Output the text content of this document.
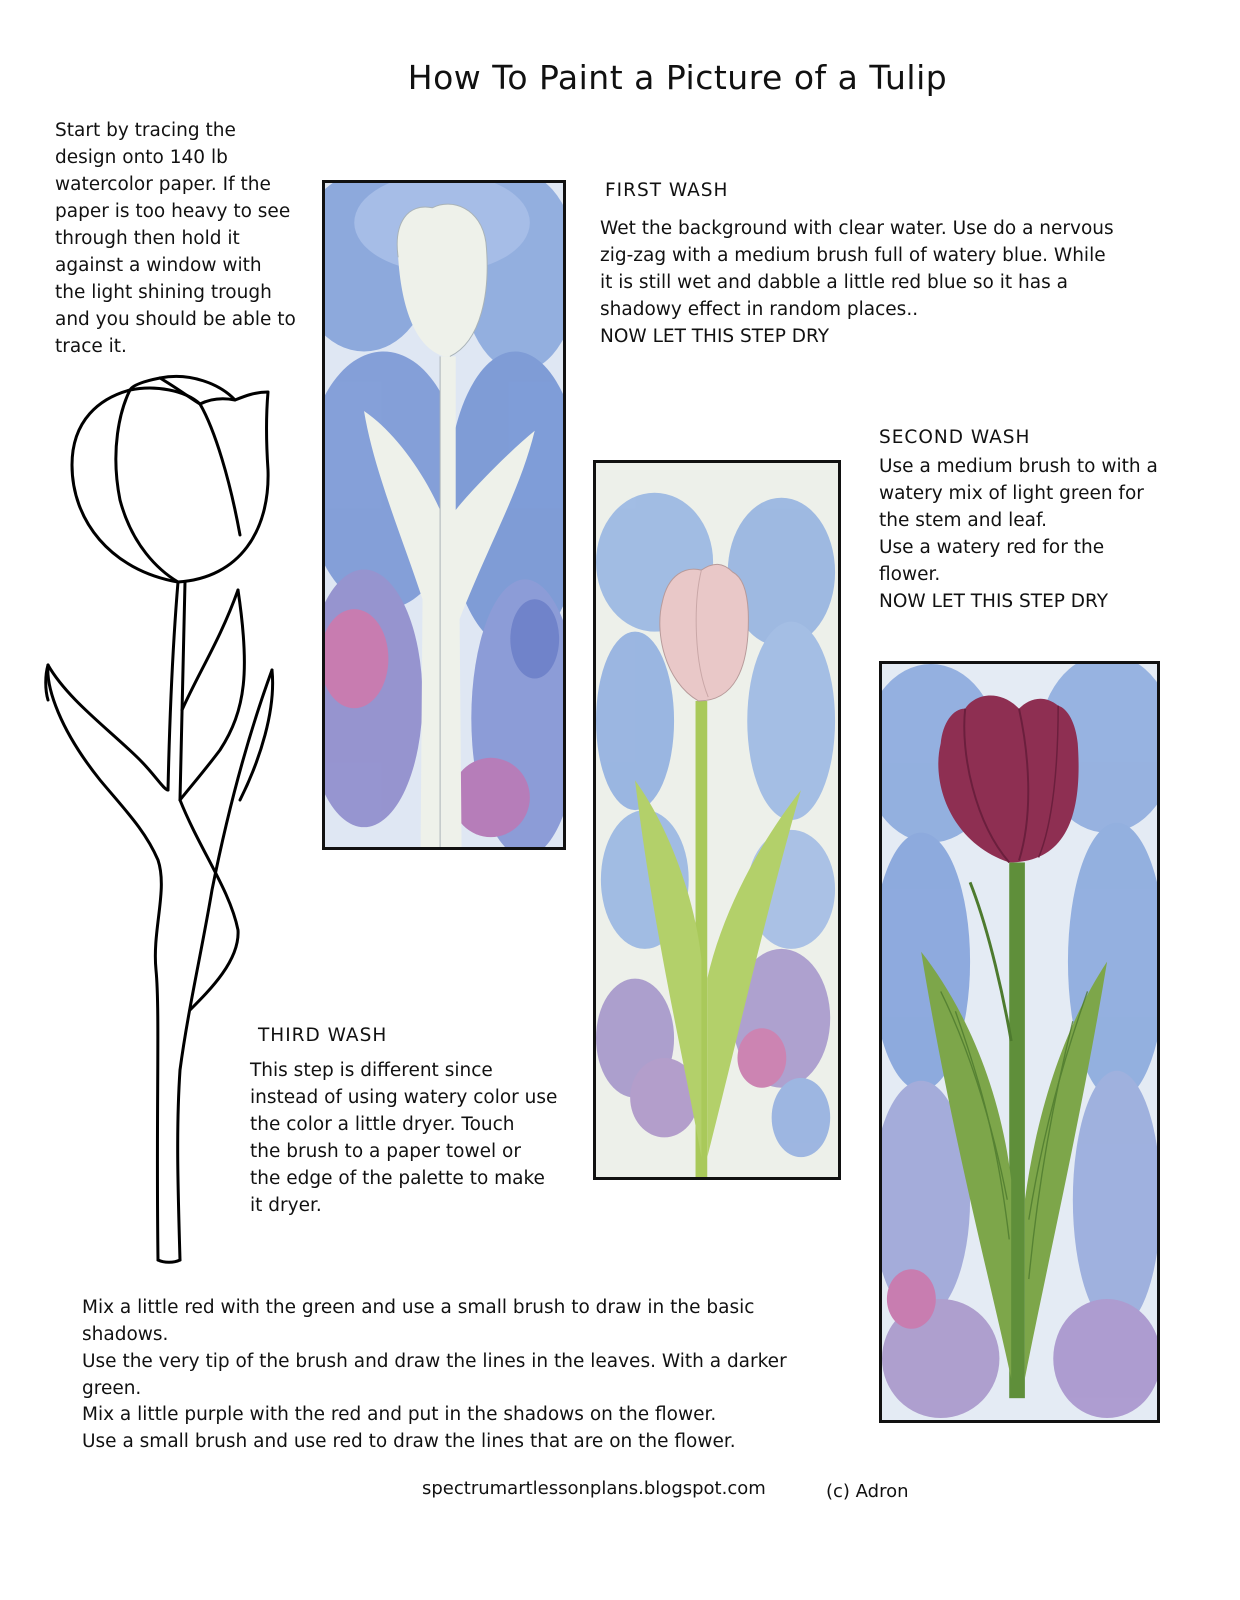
How To Paint a Picture of a Tulip

Start by tracing the
design onto 140 lb
watercolor paper. If the
paper is too heavy to see
through then hold it
against a window with
the light shining trough
and you should be able to
trace it.

FIRST WASH

Wet the background with clear water. Use do a nervous
zig-zag with a medium brush full of watery blue. While
it is still wet and dabble a little red blue so it has a
shadowy effect in random places..
NOW LET THIS STEP DRY

SECOND WASH

Use a medium brush to with a
watery mix of light green for
the stem and leaf.
Use a watery red for the
flower.
NOW LET THIS STEP DRY

THIRD WASH

This step is different since
instead of using watery color use
the color a little dryer. Touch
the brush to a paper towel or
the edge of the palette to make
it dryer.

Mix a little red with the green and use a small brush to draw in the basic shadows.
Use the very tip of the brush and draw the lines in the leaves. With a darker
green.

Mix a little purple with the red and put in the shadows on the flower.
Use a small brush and use red to draw the lines that are on the flower.

spectrumartlessonplans.blogspot.com	(c) Adron
